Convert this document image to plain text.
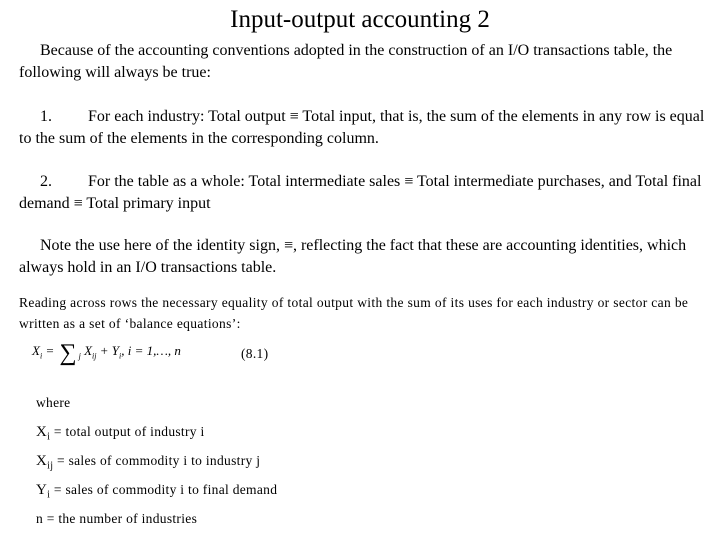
Input-output accounting 2

Because of the accounting conventions adopted in the construction of an I/O transactions table, the following will always be true:

1. For each industry: Total output ≡ Total input, that is, the sum of the elements in any row is equal to the sum of the elements in the corresponding column.

2. For the table as a whole: Total intermediate sales ≡ Total intermediate purchases, and Total final demand ≡ Total primary input

Note the use here of the identity sign, ≡, reflecting the fact that these are accounting identities, which always hold in an I/O transactions table.

Reading across rows the necessary equality of total output with the sum of its uses for each industry or sector can be written as a set of ‘balance equations’:

$X_i$ = ∑ $_j$ $X_{ij} + Y_i$, i = 1,…, n	(8.1)
where
$X_i$ = total output of industry i
$X_{ij}$ = sales of commodity i to industry j
$Y_i$ = sales of commodity i to final demand
n = the number of industries
